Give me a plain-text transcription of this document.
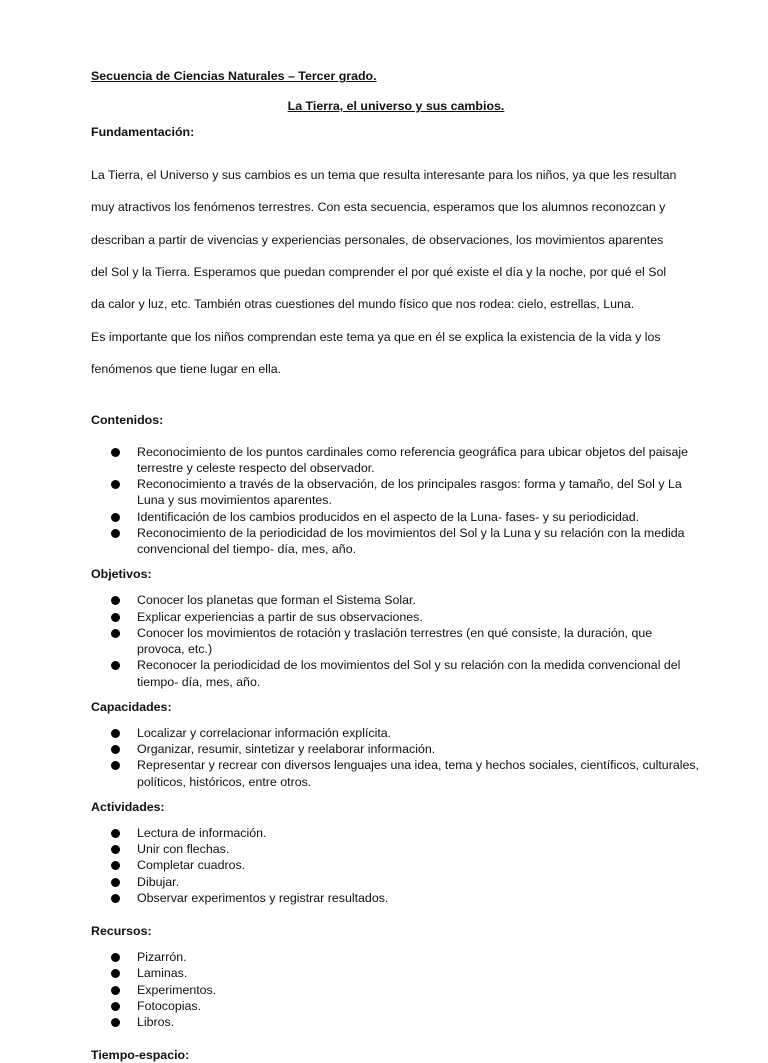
Secuencia de Ciencias Naturales – Tercer grado.

La Tierra, el universo y sus cambios.

Fundamentación:

La Tierra, el Universo y sus cambios es un tema que resulta interesante para los niños, ya que les resultan

muy atractivos los fenómenos terrestres. Con esta secuencia, esperamos que los alumnos reconozcan y

describan a partir de vivencias y experiencias personales, de observaciones, los movimientos aparentes

del Sol y la Tierra. Esperamos que puedan comprender el por qué existe el día y la noche, por qué el Sol

da calor y luz, etc. También otras cuestiones del mundo físico que nos rodea: cielo, estrellas, Luna.

Es importante que los niños comprendan este tema ya que en él se explica la existencia de la vida y los

fenómenos que tiene lugar en ella.

Contenidos:

Reconocimiento de los puntos cardinales como referencia geográfica para ubicar objetos del paisaje terrestre y celeste respecto del observador.
Reconocimiento a través de la observación, de los principales rasgos: forma y tamaño, del Sol y La Luna y sus movimientos aparentes.
Identificación de los cambios producidos en el aspecto de la Luna- fases- y su periodicidad.
Reconocimiento de la periodicidad de los movimientos del Sol y la Luna y su relación con la medida convencional del tiempo- día, mes, año.

Objetivos:

Conocer los planetas que forman el Sistema Solar.
Explicar experiencias a partir de sus observaciones.
Conocer los movimientos de rotación y traslación terrestres (en qué consiste, la duración, que provoca, etc.)
Reconocer la periodicidad de los movimientos del Sol y su relación con la medida convencional del tiempo- día, mes, año.

Capacidades:

Localizar y correlacionar información explícita.
Organizar, resumir, sintetizar y reelaborar información.
Representar y recrear con diversos lenguajes una idea, tema y hechos sociales, científicos, culturales, políticos, históricos, entre otros.

Actividades:

Lectura de información.
Unir con flechas.
Completar cuadros.
Dibujar.
Observar experimentos y registrar resultados.

Recursos:

Pizarrón.
Laminas.
Experimentos.
Fotocopias.
Libros.

Tiempo-espacio:
